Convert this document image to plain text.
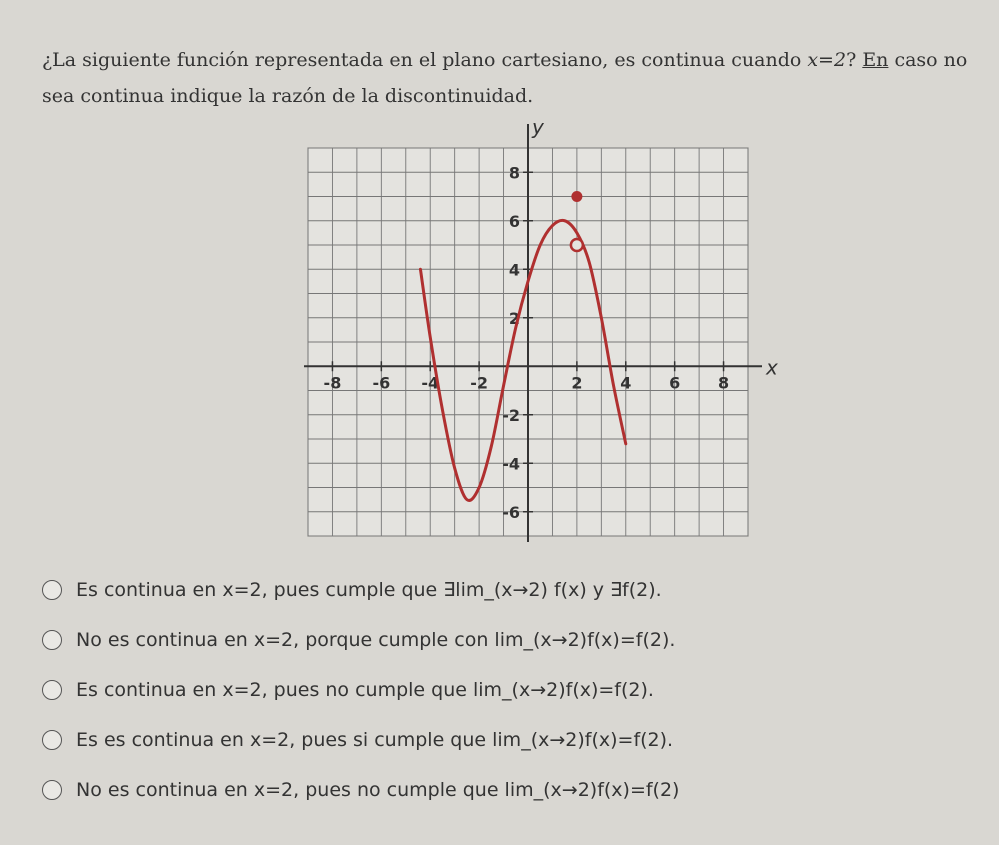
¿La siguiente función representada en el plano cartesiano, es continua cuando x=2? En caso no sea continua indique la razón de la discontinuidad.
-8 -6 -4 -2	2 4 6 8
8
6
4
2
-2
-4
-6
x
y
Es continua en x=2, pues cumple que ∃lim_(x→2) f(x) y ∃f(2).
No es continua en x=2, porque cumple con lim_(x→2)f(x)=f(2).
Es continua en x=2, pues no cumple que lim_(x→2)f(x)=f(2).
Es es continua en x=2, pues si cumple que lim_(x→2)f(x)=f(2).
No es continua en x=2, pues no cumple que lim_(x→2)f(x)=f(2)
